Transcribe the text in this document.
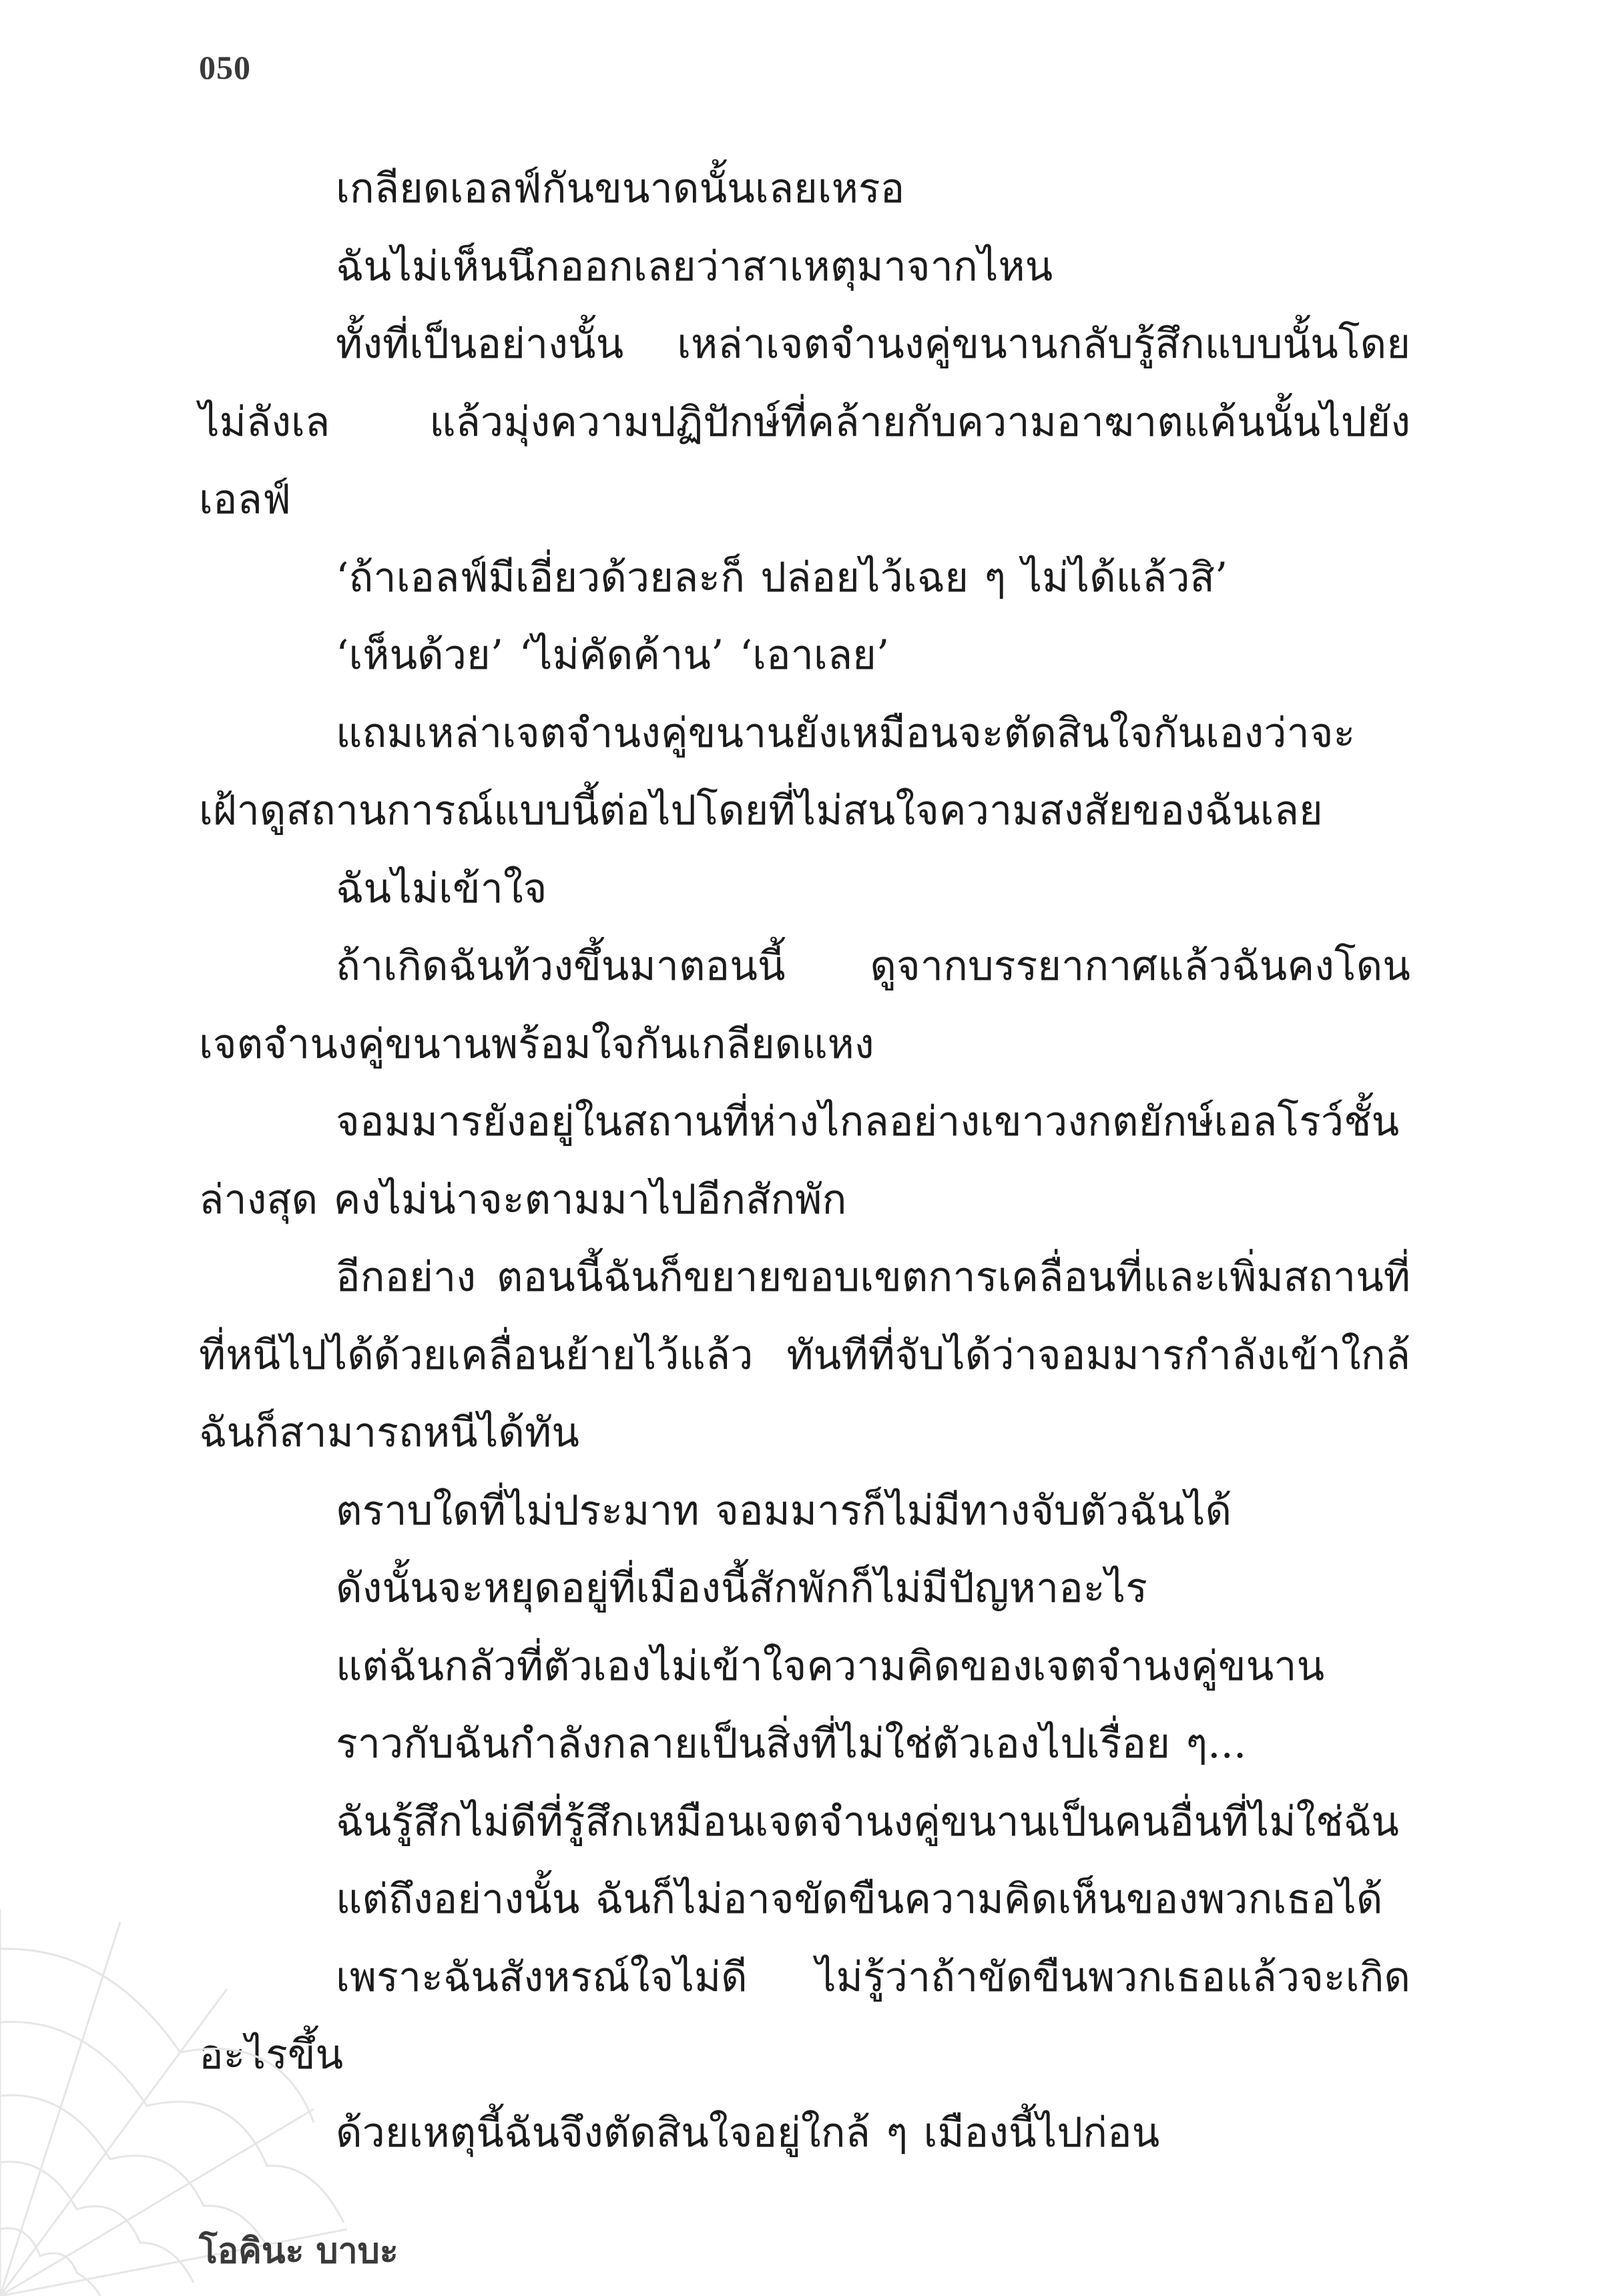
050

เกลียดเอลฟ์กันขนาดนั้นเลยเหรอ

ฉันไม่เห็นนึกออกเลยว่าสาเหตุมาจากไหน

ทั้งที่เป็นอย่างนั้น เหล่าเจตจำนงคู่ขนานกลับรู้สึกแบบนั้นโดยไม่ลังเล แล้วมุ่งความปฏิปักษ์ที่คล้ายกับความอาฆาตแค้นนั้นไปยังเอลฟ์

‘ถ้าเอลฟ์มีเอี่ยวด้วยละก็ ปล่อยไว้เฉย ๆ ไม่ได้แล้วสิ’

‘เห็นด้วย’ ‘ไม่คัดค้าน’ ‘เอาเลย’

แถมเหล่าเจตจำนงคู่ขนานยังเหมือนจะตัดสินใจกันเองว่าจะเฝ้าดูสถานการณ์แบบนี้ต่อไปโดยที่ไม่สนใจความสงสัยของฉันเลย

ฉันไม่เข้าใจ

ถ้าเกิดฉันท้วงขึ้นมาตอนนี้ ดูจากบรรยากาศแล้วฉันคงโดนเจตจำนงคู่ขนานพร้อมใจกันเกลียดแหง

จอมมารยังอยู่ในสถานที่ห่างไกลอย่างเขาวงกตยักษ์เอลโรว์ชั้นล่างสุด คงไม่น่าจะตามมาไปอีกสักพัก

อีกอย่าง ตอนนี้ฉันก็ขยายขอบเขตการเคลื่อนที่และเพิ่มสถานที่ที่หนีไปได้ด้วยเคลื่อนย้ายไว้แล้ว ทันทีที่จับได้ว่าจอมมารกำลังเข้าใกล้ ฉันก็สามารถหนีได้ทัน

ตราบใดที่ไม่ประมาท จอมมารก็ไม่มีทางจับตัวฉันได้

ดังนั้นจะหยุดอยู่ที่เมืองนี้สักพักก็ไม่มีปัญหาอะไร

แต่ฉันกลัวที่ตัวเองไม่เข้าใจความคิดของเจตจำนงคู่ขนาน

ราวกับฉันกำลังกลายเป็นสิ่งที่ไม่ใช่ตัวเองไปเรื่อย ๆ...

ฉันรู้สึกไม่ดีที่รู้สึกเหมือนเจตจำนงคู่ขนานเป็นคนอื่นที่ไม่ใช่ฉัน

แต่ถึงอย่างนั้น ฉันก็ไม่อาจขัดขืนความคิดเห็นของพวกเธอได้

เพราะฉันสังหรณ์ใจไม่ดี ไม่รู้ว่าถ้าขัดขืนพวกเธอแล้วจะเกิดอะไรขึ้น

ด้วยเหตุนี้ฉันจึงตัดสินใจอยู่ใกล้ ๆ เมืองนี้ไปก่อน

โอคินะ บาบะ
